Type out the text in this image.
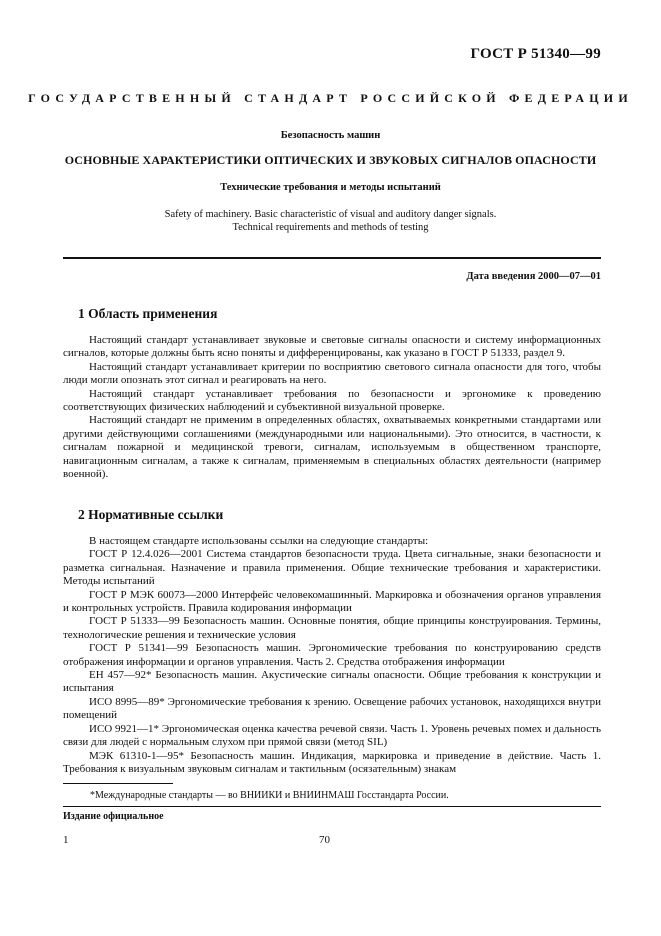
ГОСТ Р 51340—99
ГОСУДАРСТВЕННЫЙ СТАНДАРТ РОССИЙСКОЙ ФЕДЕРАЦИИ
Безопасность машин
ОСНОВНЫЕ ХАРАКТЕРИСТИКИ ОПТИЧЕСКИХ И ЗВУКОВЫХ СИГНАЛОВ ОПАСНОСТИ
Технические требования и методы испытаний
Safety of machinery. Basic characteristic of visual and auditory danger signals.
Technical requirements and methods of testing
Дата введения 2000—07—01
1 Область применения

Настоящий стандарт устанавливает звуковые и световые сигналы опасности и систему информационных сигналов, которые должны быть ясно поняты и дифференцированы, как указано в ГОСТ Р 51333, раздел 9.

Настоящий стандарт устанавливает критерии по восприятию светового сигнала опасности для того, чтобы люди могли опознать этот сигнал и реагировать на него.

Настоящий стандарт устанавливает требования по безопасности и эргономике к проведению соответствующих физических наблюдений и субъективной визуальной проверке.

Настоящий стандарт не применим в определенных областях, охватываемых конкретными стандартами или другими действующими соглашениями (международными или национальными). Это относится, в частности, к сигналам пожарной и медицинской тревоги, сигналам, используемым в общественном транспорте, навигационным сигналам, а также к сигналам, применяемым в специальных областях деятельности (например военной).

2 Нормативные ссылки

В настоящем стандарте использованы ссылки на следующие стандарты:

ГОСТ Р 12.4.026—2001 Система стандартов безопасности труда. Цвета сигнальные, знаки безопасности и разметка сигнальная. Назначение и правила применения. Общие технические требования и характеристики. Методы испытаний

ГОСТ Р МЭК 60073—2000 Интерфейс человекомашинный. Маркировка и обозначения органов управления и контрольных устройств. Правила кодирования информации

ГОСТ Р 51333—99 Безопасность машин. Основные понятия, общие принципы конструирования. Термины, технологические решения и технические условия

ГОСТ Р 51341—99 Безопасность машин. Эргономические требования по конструированию средств отображения информации и органов управления. Часть 2. Средства отображения информации

ЕН 457—92* Безопасность машин. Акустические сигналы опасности. Общие требования к конструкции и испытания

ИСО 8995—89* Эргономические требования к зрению. Освещение рабочих установок, находящихся внутри помещений

ИСО 9921—1* Эргономическая оценка качества речевой связи. Часть 1. Уровень речевых помех и дальность связи для людей с нормальным слухом при прямой связи (метод SIL)

МЭК 61310-1—95* Безопасность машин. Индикация, маркировка и приведение в действие. Часть 1. Требования к визуальным звуковым сигналам и тактильным (осязательным) знакам

*Международные стандарты — во ВНИИКИ и ВНИИНМАШ Госстандарта России.
Издание официальное
1	70
